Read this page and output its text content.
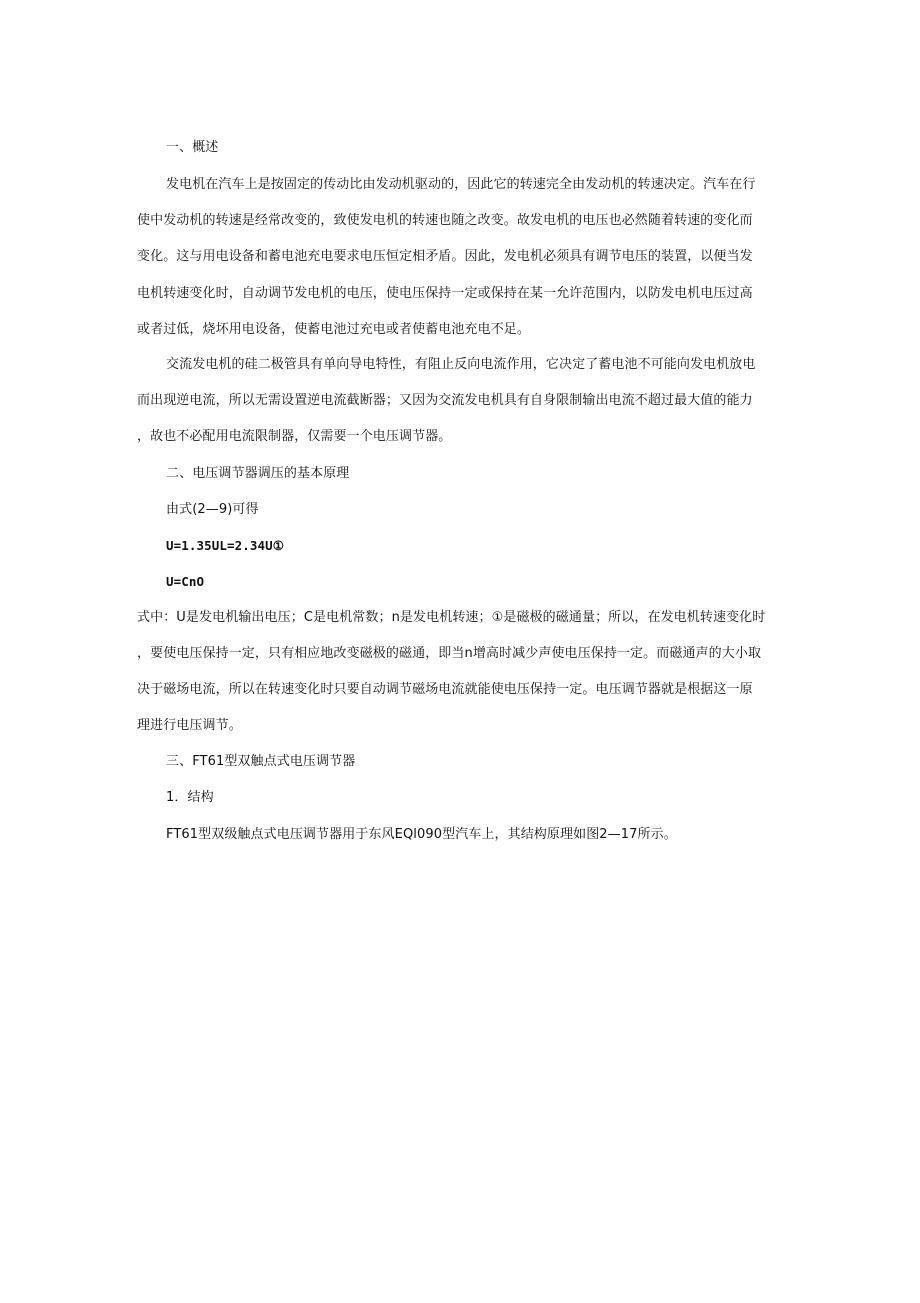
一、概述
发电机在汽车上是按固定的传动比由发动机驱动的，因此它的转速完全由发动机的转速决定。汽车在行
使中发动机的转速是经常改变的，致使发电机的转速也随之改变。故发电机的电压也必然随着转速的变化而
变化。这与用电设备和蓄电池充电要求电压恒定相矛盾。因此，发电机必须具有调节电压的装置，以便当发
电机转速变化时，自动调节发电机的电压，使电压保持一定或保持在某一允许范围内，以防发电机电压过高
或者过低，烧坏用电设备，使蓄电池过充电或者使蓄电池充电不足。
交流发电机的硅二极管具有单向导电特性，有阻止反向电流作用，它决定了蓄电池不可能向发电机放电
而出现逆电流，所以无需设置逆电流截断器；又因为交流发电机具有自身限制输出电流不超过最大值的能力
，故也不必配用电流限制器，仅需要一个电压调节器。
二、电压调节器调压的基本原理
由式(2—9)可得
U=1.35UL=2.34U①
U=CnO
式中：U是发电机输出电压；C是电机常数；n是发电机转速；①是磁极的磁通量；所以，在发电机转速变化时
，要使电压保持一定，只有相应地改变磁极的磁通，即当n增高时减少声使电压保持一定。而磁通声的大小取
决于磁场电流，所以在转速变化时只要自动调节磁场电流就能使电压保持一定。电压调节器就是根据这一原
理进行电压调节。
三、FT61型双触点式电压调节器
1．结构
FT61型双级触点式电压调节器用于东风EQl090型汽车上，其结构原理如图2—17所示。
